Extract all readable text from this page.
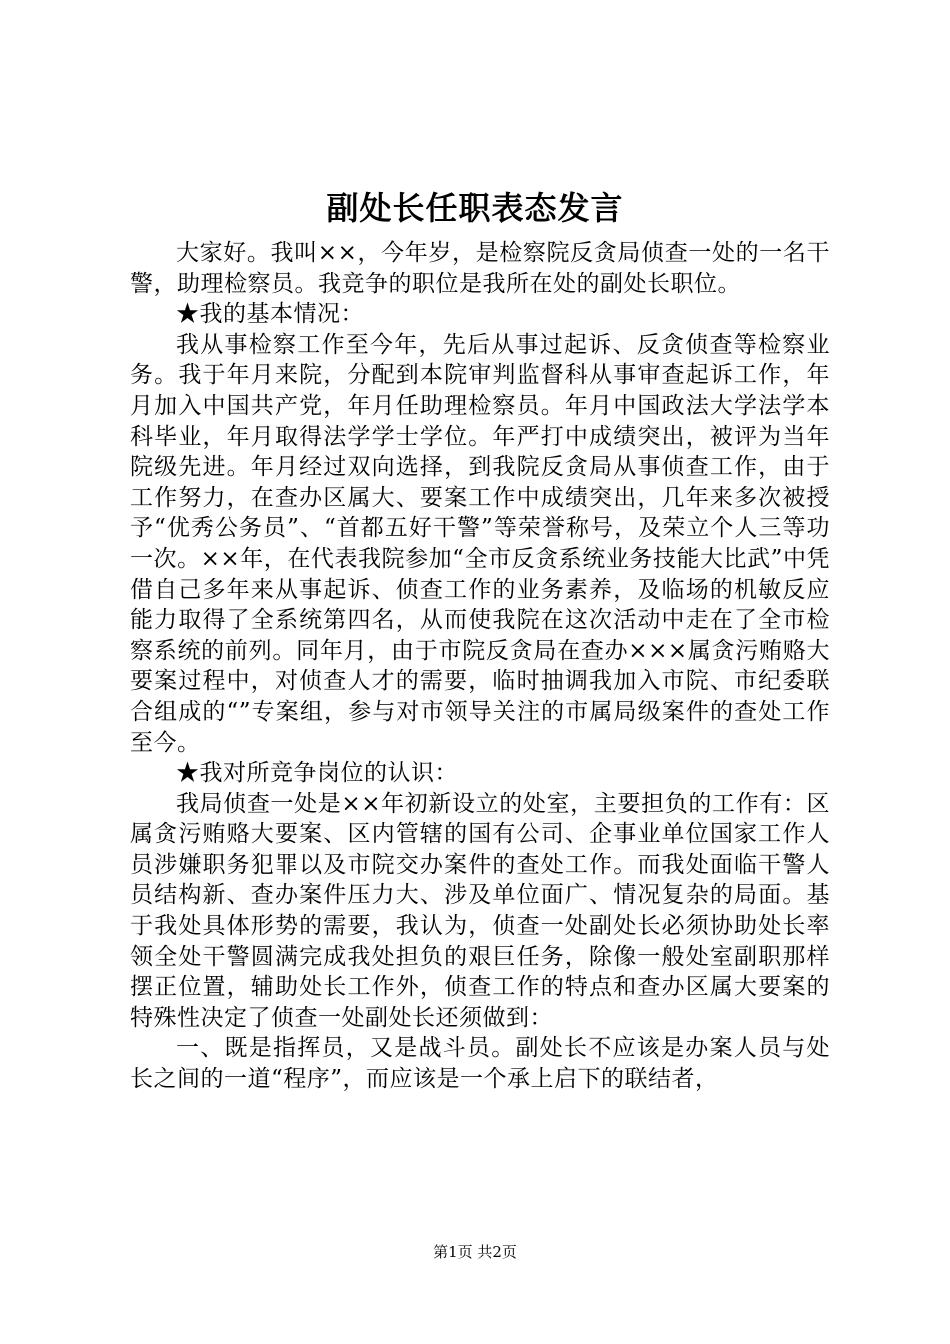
副处长任职表态发言

大家好。我叫××，今年岁，是检察院反贪局侦查一处的一名干警，助理检察员。我竞争的职位是我所在处的副处长职位。

★我的基本情况：

我从事检察工作至今年，先后从事过起诉、反贪侦查等检察业务。我于年月来院，分配到本院审判监督科从事审查起诉工作，年月加入中国共产党，年月任助理检察员。年月中国政法大学法学本科毕业，年月取得法学学士学位。年严打中成绩突出，被评为当年院级先进。年月经过双向选择，到我院反贪局从事侦查工作，由于工作努力，在查办区属大、要案工作中成绩突出，几年来多次被授予“优秀公务员”、“首都五好干警”等荣誉称号，及荣立个人三等功一次。××年，在代表我院参加“全市反贪系统业务技能大比武”中凭借自己多年来从事起诉、侦查工作的业务素养，及临场的机敏反应能力取得了全系统第四名，从而使我院在这次活动中走在了全市检察系统的前列。同年月，由于市院反贪局在查办×××属贪污贿赂大要案过程中，对侦查人才的需要，临时抽调我加入市院、市纪委联合组成的“”专案组，参与对市领导关注的市属局级案件的查处工作至今。

★我对所竞争岗位的认识：

我局侦查一处是××年初新设立的处室，主要担负的工作有：区属贪污贿赂大要案、区内管辖的国有公司、企事业单位国家工作人员涉嫌职务犯罪以及市院交办案件的查处工作。而我处面临干警人员结构新、查办案件压力大、涉及单位面广、情况复杂的局面。基于我处具体形势的需要，我认为，侦查一处副处长必须协助处长率领全处干警圆满完成我处担负的艰巨任务，除像一般处室副职那样摆正位置，辅助处长工作外，侦查工作的特点和查办区属大要案的特殊性决定了侦查一处副处长还须做到：

一、既是指挥员，又是战斗员。副处长不应该是办案人员与处长之间的一道“程序”，而应该是一个承上启下的联结者，

第1页 共2页
